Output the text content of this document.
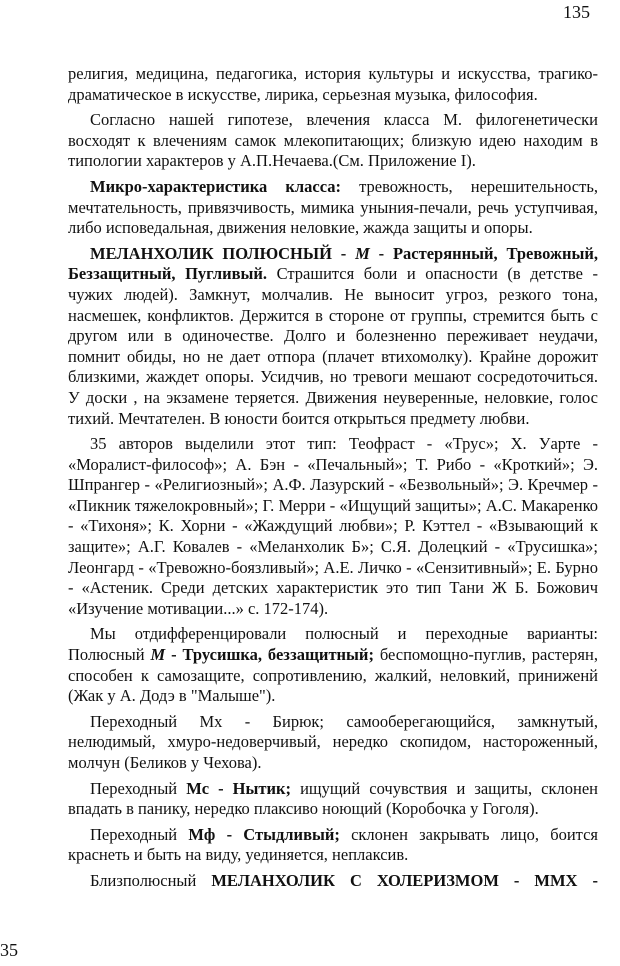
135

религия, медицина, педагогика, история культуры и искусства, трагико-драматическое в искусстве, лирика, серьезная музыка, философия.

Согласно нашей гипотезе, влечения класса М. филогенетически восходят к влечениям самок млекопитающих; близкую идею находим в типологии характеров у А.П.Нечаева.(См. Приложение I).

Микро-характеристика класса: тревожность, нерешительность, мечтательность, привязчивость, мимика уныния-печали, речь уступчивая, либо исповедальная, движения неловкие, жажда защиты и опоры.

МЕЛАНХОЛИК ПОЛЮСНЫЙ - М - Растерянный, Тревожный, Беззащитный, Пугливый. Страшится боли и опасности (в детстве - чужих людей). Замкнут, молчалив. Не выносит угроз, резкого тона, насмешек, конфликтов. Держится в стороне от группы, стремится быть с другом или в одиночестве. Долго и болезненно переживает неудачи, помнит обиды, но не дает отпора (плачет втихомолку). Крайне дорожит близкими, жаждет опоры. Усидчив, но тревоги мешают сосредоточиться. У доски , на экзамене теряется. Движения неуверенные, неловкие, голос тихий. Мечтателен. В юности боится открыться предмету любви.

35 авторов выделили этот тип: Теофраст - «Трус»; Х. Уарте - «Моралист-философ»; А. Бэн - «Печальный»; Т. Рибо - «Кроткий»; Э. Шпрангер - «Религиозный»; А.Ф. Лазурский - «Безвольный»; Э. Кречмер - «Пикник тяжелокровный»; Г. Мерри - «Ищущий защиты»; А.С. Макаренко - «Тихоня»; К. Хорни - «Жаждущий любви»; Р. Кэттел - «Взывающий к защите»; А.Г. Ковалев - «Меланхолик Б»; С.Я. Долецкий - «Трусишка»; Леонгард - «Тревожно-боязливый»; А.Е. Личко - «Сензитивный»; Е. Бурно - «Астеник. Среди детских характеристик это тип Тани Ж Б. Божович «Изучение мотивации...» с. 172-174).

Мы отдифференцировали полюсный и переходные варианты: Полюсный М - Трусишка, беззащитный; беспомощно-пуглив, растерян, способен к самозащите, сопротивлению, жалкий, неловкий, приниженй (Жак у А. Додэ в "Малыше").

Переходный Мх - Бирюк; самооберегающийся, замкнутый, нелюдимый, хмуро-недоверчивый, нередко скопидом, настороженный, молчун (Беликов у Чехова).

Переходный Мс - Нытик; ищущий сочувствия и защиты, склонен впадать в панику, нередко плаксиво ноющий (Коробочка у Гоголя).

Переходный Мф - Стыдливый; склонен закрывать лицо, боится краснеть и быть на виду, уединяется, неплаксив.

Близполюсный МЕЛАНХОЛИК С ХОЛЕРИЗМОМ - ММХ -

35
